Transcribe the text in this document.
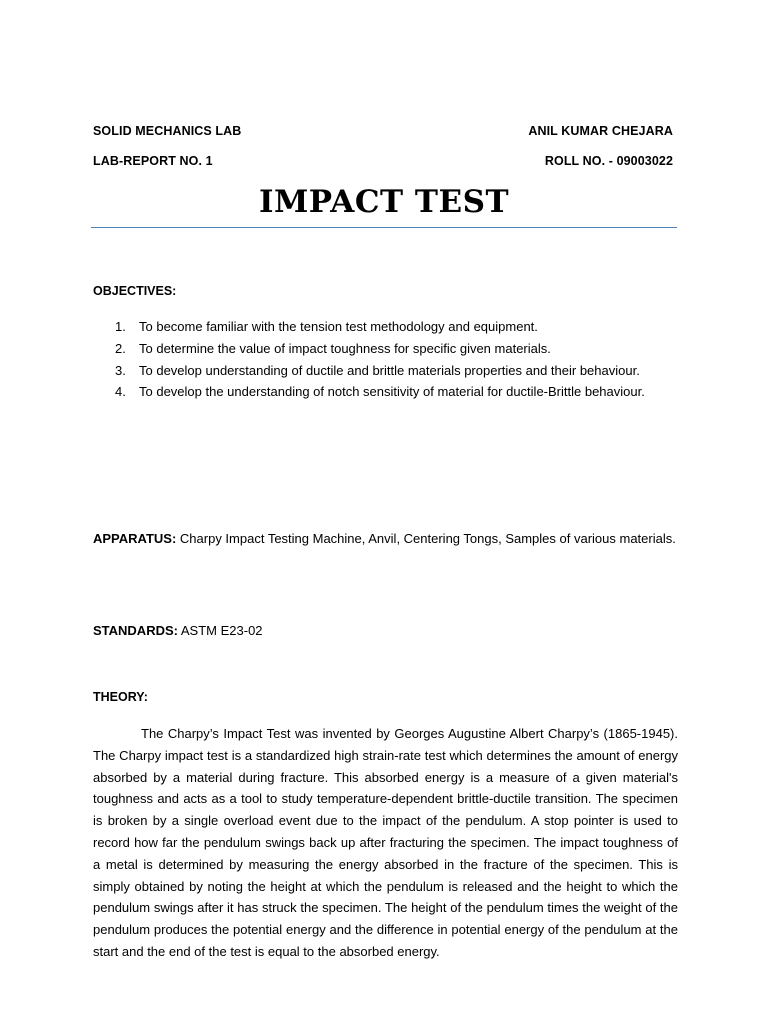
SOLID MECHANICS LAB	ANIL KUMAR CHEJARA
LAB-REPORT NO. 1	ROLL NO. - 09003022
IMPACT TEST
OBJECTIVES:
1.	To become familiar with the tension test methodology and equipment.
2.	To determine the value of impact toughness for specific given materials.
3.	To develop understanding of ductile and brittle materials properties and their behaviour.
4.	To develop the understanding of notch sensitivity of material for ductile-Brittle behaviour.
APPARATUS: Charpy Impact Testing Machine, Anvil, Centering Tongs, Samples of various materials.
STANDARDS: ASTM E23-02
THEORY:
The Charpy’s Impact Test was invented by Georges Augustine Albert Charpy’s (1865-1945). The Charpy impact test is a standardized high strain-rate test which determines the amount of energy absorbed by a material during fracture. This absorbed energy is a measure of a given material's toughness and acts as a tool to study temperature-dependent brittle-ductile transition. The specimen is broken by a single overload event due to the impact of the pendulum. A stop pointer is used to record how far the pendulum swings back up after fracturing the specimen. The impact toughness of a metal is determined by measuring the energy absorbed in the fracture of the specimen. This is simply obtained by noting the height at which the pendulum is released and the height to which the pendulum swings after it has struck the specimen. The height of the pendulum times the weight of the pendulum produces the potential energy and the difference in potential energy of the pendulum at the start and the end of the test is equal to the absorbed energy.
